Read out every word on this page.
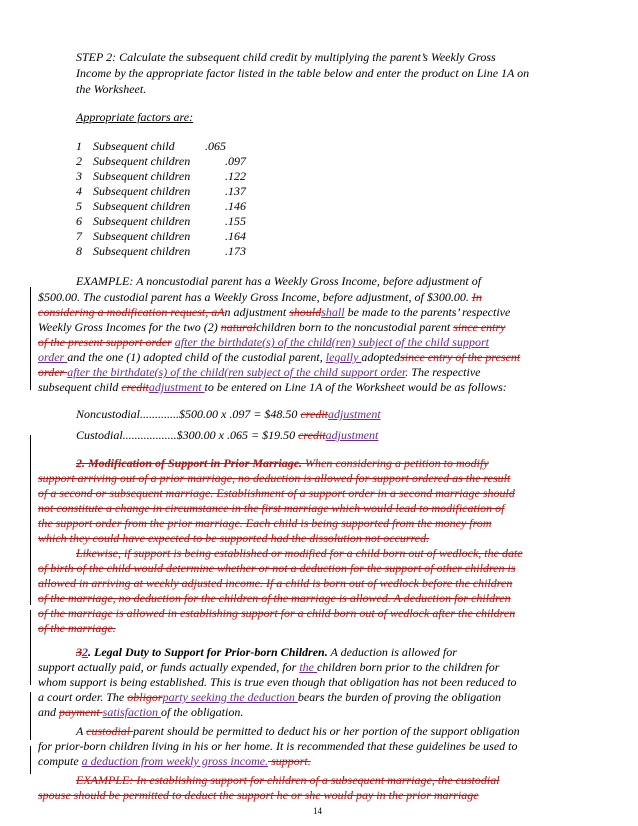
STEP 2: Calculate the subsequent child credit by multiplying the parent’s Weekly Gross
Income by the appropriate factor listed in the table below and enter the product on Line 1A on
the Worksheet.
Appropriate factors are:
1 Subsequent child	.065
2 Subsequent children	.097
3 Subsequent children	.122
4 Subsequent children	.137
5 Subsequent children	.146
6 Subsequent children	.155
7 Subsequent children	.164
8 Subsequent children	.173
EXAMPLE: A noncustodial parent has a Weekly Gross Income, before adjustment of
$500.00. The custodial parent has a Weekly Gross Income, before adjustment, of $300.00. In
considering a modification request, aAn adjustment shouldshall be made to the parents’ respective
Weekly Gross Incomes for the two (2) naturalchildren born to the noncustodial parent since entry
of the present support order after the birthdate(s) of the child(ren) subject of the child support
order and the one (1) adopted child of the custodial parent, legally adoptedsince entry of the present
order after the birthdate(s) of the child(ren subject of the child support order. The respective
subsequent child creditadjustment to be entered on Line 1A of the Worksheet would be as follows:
Noncustodial.............$500.00 x .097 = $48.50 creditadjustment
Custodial..................$300.00 x .065 = $19.50 creditadjustment
2. Modification of Support in Prior Marriage. When considering a petition to modify
support arriving out of a prior marriage, no deduction is allowed for support ordered as the result
of a second or subsequent marriage. Establishment of a support order in a second marriage should
not constitute a change in circumstance in the first marriage which would lead to modification of
the support order from the prior marriage. Each child is being supported from the money from
which they could have expected to be supported had the dissolution not occurred.
Likewise, if support is being established or modified for a child born out of wedlock, the date
of birth of the child would determine whether or not a deduction for the support of other children is
allowed in arriving at weekly adjusted income. If a child is born out of wedlock before the children
of the marriage, no deduction for the children of the marriage is allowed. A deduction for children
of the marriage is allowed in establishing support for a child born out of wedlock after the children
of the marriage.
32. Legal Duty to Support for Prior-born Children. A deduction is allowed for
support actually paid, or funds actually expended, for the children born prior to the children for
whom support is being established. This is true even though that obligation has not been reduced to
a court order. The obligorparty seeking the deduction bears the burden of proving the obligation
and payment satisfaction of the obligation.
A custodial parent should be permitted to deduct his or her portion of the support obligation
for prior-born children living in his or her home. It is recommended that these guidelines be used to
compute a deduction from weekly gross income. support.
EXAMPLE: In establishing support for children of a subsequent marriage, the custodial
spouse should be permitted to deduct the support he or she would pay in the prior marriage
14
